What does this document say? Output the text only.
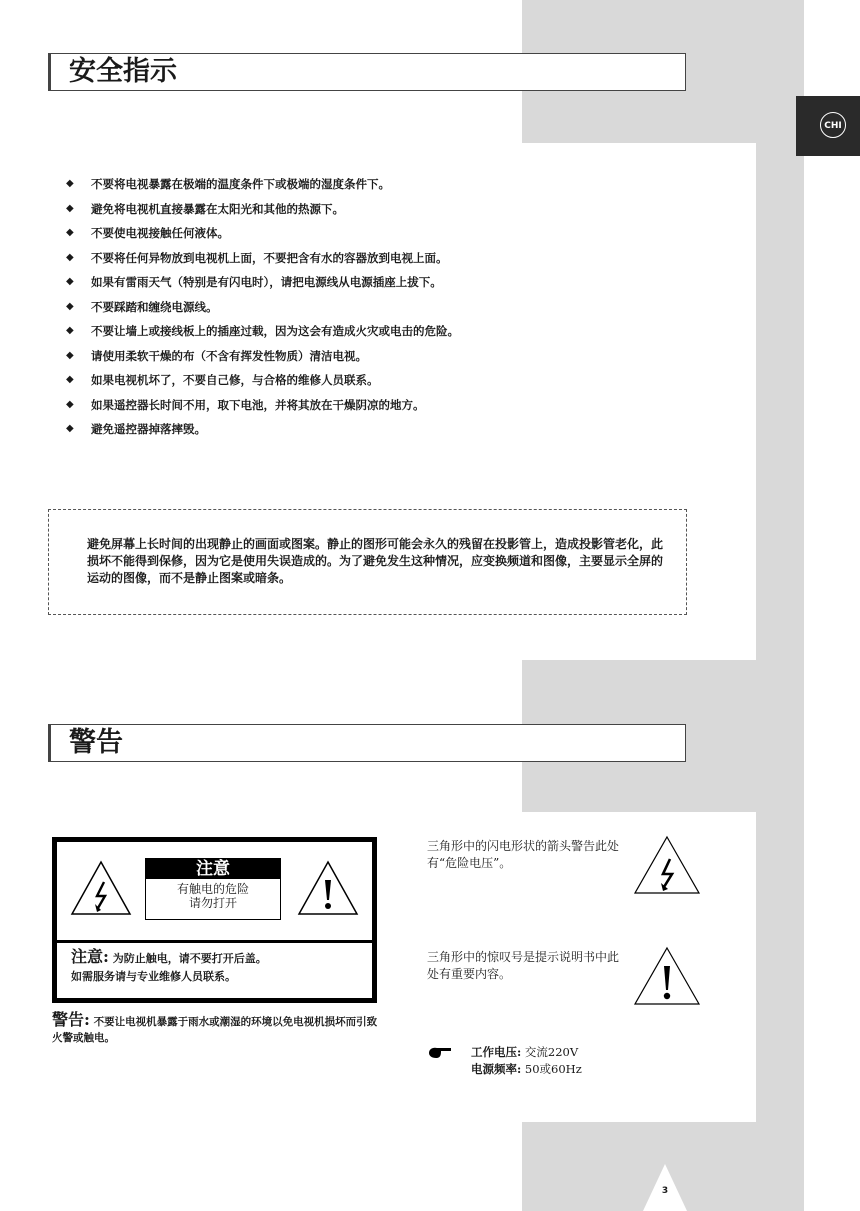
CHI
安全指示
◆ 不要将电视暴露在极端的温度条件下或极端的湿度条件下。
◆ 避免将电视机直接暴露在太阳光和其他的热源下。
◆ 不要使电视接触任何液体。
◆ 不要将任何异物放到电视机上面，不要把含有水的容器放到电视上面。
◆ 如果有雷雨天气（特别是有闪电时），请把电源线从电源插座上拔下。
◆ 不要踩踏和缠绕电源线。
◆ 不要让墙上或接线板上的插座过载，因为这会有造成火灾或电击的危险。
◆ 请使用柔软干燥的布（不含有挥发性物质）清洁电视。
◆ 如果电视机坏了，不要自己修，与合格的维修人员联系。
◆ 如果遥控器长时间不用，取下电池，并将其放在干燥阴凉的地方。
◆ 避免遥控器掉落摔毁。

避免屏幕上长时间的出现静止的画面或图案。静止的图形可能会永久的残留在投影管上，造成投影管老化，此损坏不能得到保修，因为它是使用失误造成的。为了避免发生这种情况，应变换频道和图像，主要显示全屏的运动的图像，而不是静止图案或暗条。

警告
注意
有触电的危险
请勿打开
注意: 为防止触电，请不要打开后盖。
如需服务请与专业维修人员联系。
警告: 不要让电视机暴露于雨水或潮湿的环境以免电视机损坏而引致火警或触电。
三角形中的闪电形状的箭头警告此处有“危险电压”。
三角形中的惊叹号是提示说明书中此处有重要内容。
工作电压: 交流220V
电源频率: 50或60Hz
3
